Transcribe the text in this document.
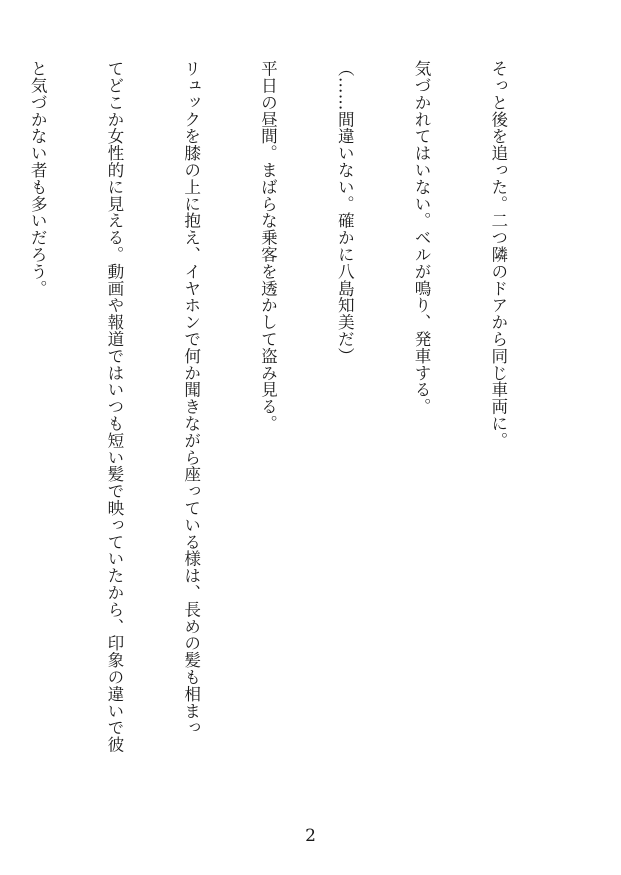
そっと後を追った。二つ隣のドアから同じ車両に。

気づかれてはいない。ベルが鳴り、発車する。

（……間違いない。確かに八島知美だ）

平日の昼間。まばらな乗客を透かして盗み見る。

リュックを膝の上に抱え、イヤホンで何か聞きながら座っている様は、長めの髪も相まっ

てどこか女性的に見える。動画や報道ではいつも短い髪で映っていたから、印象の違いで彼

と気づかない者も多いだろう。

2
